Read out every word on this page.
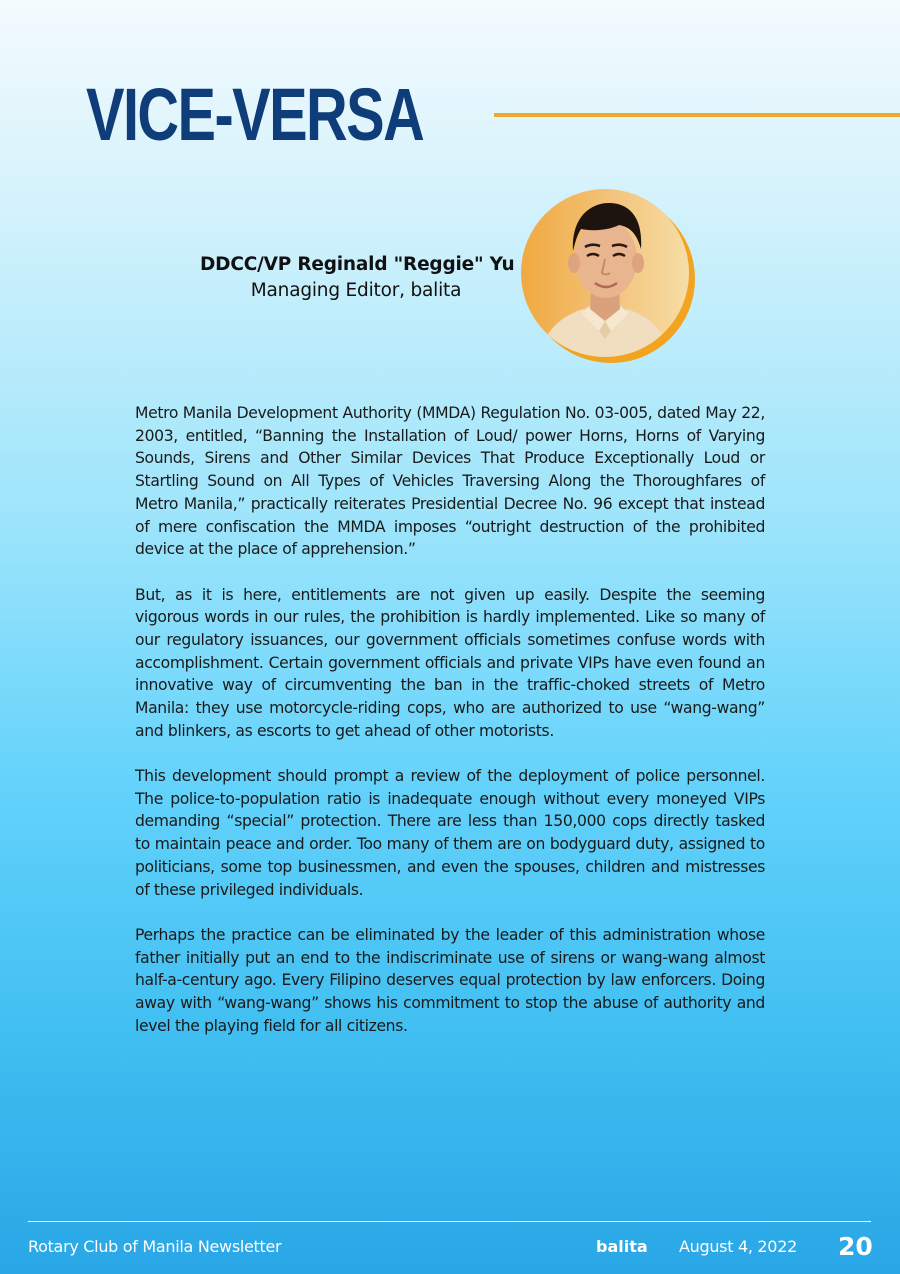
VICE-VERSA
DDCC/VP Reginald "Reggie" Yu
Managing Editor, balita

Metro Manila Development Authority (MMDA) Regulation No. 03-005, dated May 22, 2003, entitled, “Banning the Installation of Loud/ power Horns, Horns of Varying Sounds, Sirens and Other Similar Devices That Produce Exceptionally Loud or Startling Sound on All Types of Vehicles Traversing Along the Thoroughfares of Metro Manila,” practically reiterates Presidential Decree No. 96 except that instead of mere confiscation the MMDA imposes “outright destruction of the prohibited device at the place of apprehension.”

But, as it is here, entitlements are not given up easily. Despite the seeming vigorous words in our rules, the prohibition is hardly implemented. Like so many of our regulatory issuances, our government officials sometimes confuse words with accomplishment. Certain government officials and private VIPs have even found an innovative way of circumventing the ban in the traffic-choked streets of Metro Manila: they use motorcycle-riding cops, who are authorized to use “wang-wang” and blinkers, as escorts to get ahead of other motorists.

This development should prompt a review of the deployment of police personnel. The police-to-population ratio is inadequate enough without every moneyed VIPs demanding “special” protection. There are less than 150,000 cops directly tasked to maintain peace and order. Too many of them are on bodyguard duty, assigned to politicians, some top businessmen, and even the spouses, children and mistresses of these privileged individuals.

Perhaps the practice can be eliminated by the leader of this administration whose father initially put an end to the indiscriminate use of sirens or wang-wang almost half-a-century ago. Every Filipino deserves equal protection by law enforcers. Doing away with “wang-wang” shows his commitment to stop the abuse of authority and level the playing field for all citizens.

Rotary Club of Manila Newsletter	balita August 4, 2022 20
